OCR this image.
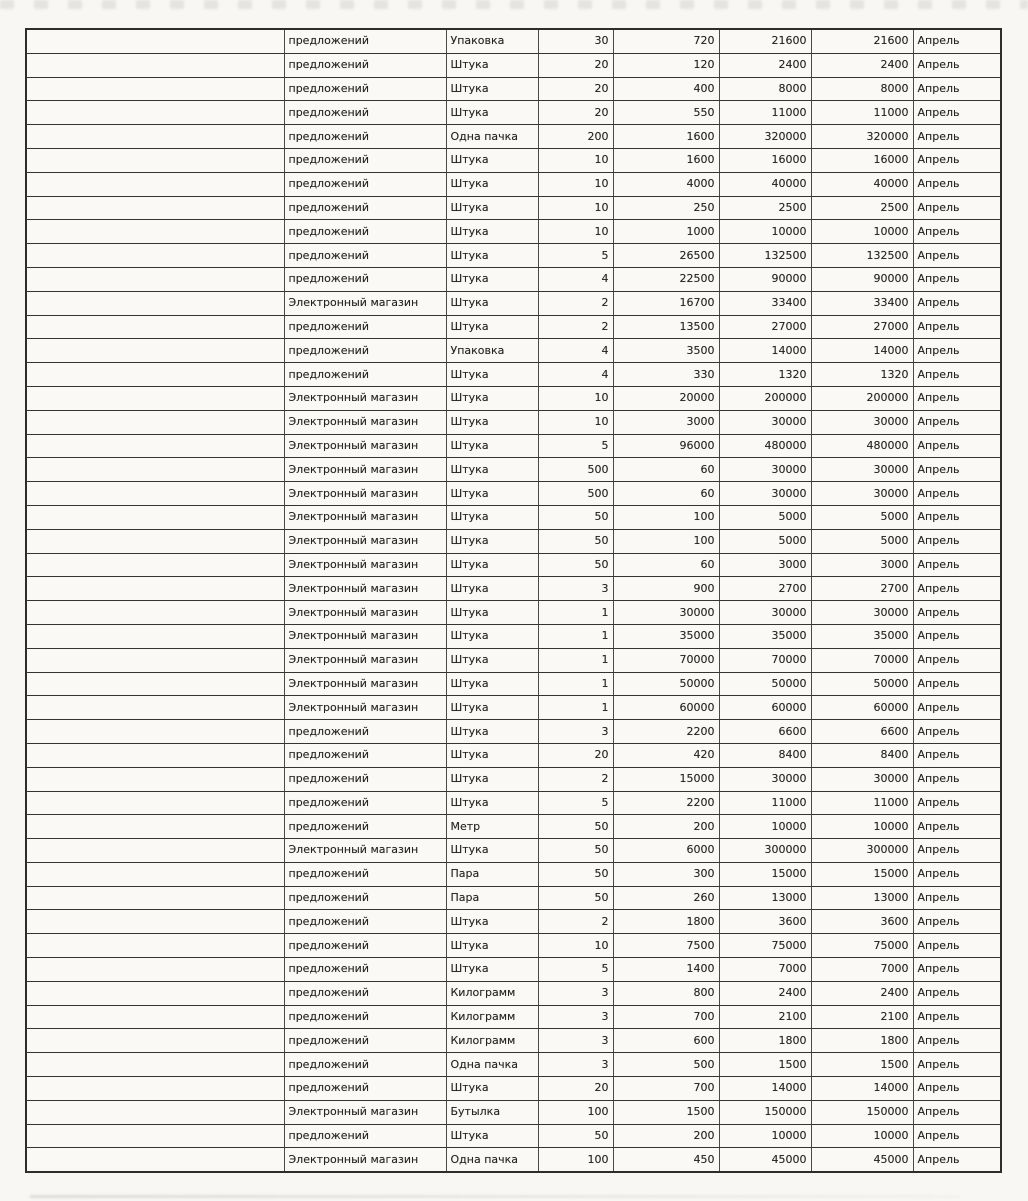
	предложений	Упаковка	30	720	21600	21600	Апрель
	предложений	Штука	20	120	2400	2400	Апрель
	предложений	Штука	20	400	8000	8000	Апрель
	предложений	Штука	20	550	11000	11000	Апрель
	предложений	Одна пачка	200	1600	320000	320000	Апрель
	предложений	Штука	10	1600	16000	16000	Апрель
	предложений	Штука	10	4000	40000	40000	Апрель
	предложений	Штука	10	250	2500	2500	Апрель
	предложений	Штука	10	1000	10000	10000	Апрель
	предложений	Штука	5	26500	132500	132500	Апрель
	предложений	Штука	4	22500	90000	90000	Апрель
	Электронный магазин	Штука	2	16700	33400	33400	Апрель
	предложений	Штука	2	13500	27000	27000	Апрель
	предложений	Упаковка	4	3500	14000	14000	Апрель
	предложений	Штука	4	330	1320	1320	Апрель
	Электронный магазин	Штука	10	20000	200000	200000	Апрель
	Электронный магазин	Штука	10	3000	30000	30000	Апрель
	Электронный магазин	Штука	5	96000	480000	480000	Апрель
	Электронный магазин	Штука	500	60	30000	30000	Апрель
	Электронный магазин	Штука	500	60	30000	30000	Апрель
	Электронный магазин	Штука	50	100	5000	5000	Апрель
	Электронный магазин	Штука	50	100	5000	5000	Апрель
	Электронный магазин	Штука	50	60	3000	3000	Апрель
	Электронный магазин	Штука	3	900	2700	2700	Апрель
	Электронный магазин	Штука	1	30000	30000	30000	Апрель
	Электронный магазин	Штука	1	35000	35000	35000	Апрель
	Электронный магазин	Штука	1	70000	70000	70000	Апрель
	Электронный магазин	Штука	1	50000	50000	50000	Апрель
	Электронный магазин	Штука	1	60000	60000	60000	Апрель
	предложений	Штука	3	2200	6600	6600	Апрель
	предложений	Штука	20	420	8400	8400	Апрель
	предложений	Штука	2	15000	30000	30000	Апрель
	предложений	Штука	5	2200	11000	11000	Апрель
	предложений	Метр	50	200	10000	10000	Апрель
	Электронный магазин	Штука	50	6000	300000	300000	Апрель
	предложений	Пара	50	300	15000	15000	Апрель
	предложений	Пара	50	260	13000	13000	Апрель
	предложений	Штука	2	1800	3600	3600	Апрель
	предложений	Штука	10	7500	75000	75000	Апрель
	предложений	Штука	5	1400	7000	7000	Апрель
	предложений	Килограмм	3	800	2400	2400	Апрель
	предложений	Килограмм	3	700	2100	2100	Апрель
	предложений	Килограмм	3	600	1800	1800	Апрель
	предложений	Одна пачка	3	500	1500	1500	Апрель
	предложений	Штука	20	700	14000	14000	Апрель
	Электронный магазин	Бутылка	100	1500	150000	150000	Апрель
	предложений	Штука	50	200	10000	10000	Апрель
	Электронный магазин	Одна пачка	100	450	45000	45000	Апрель
